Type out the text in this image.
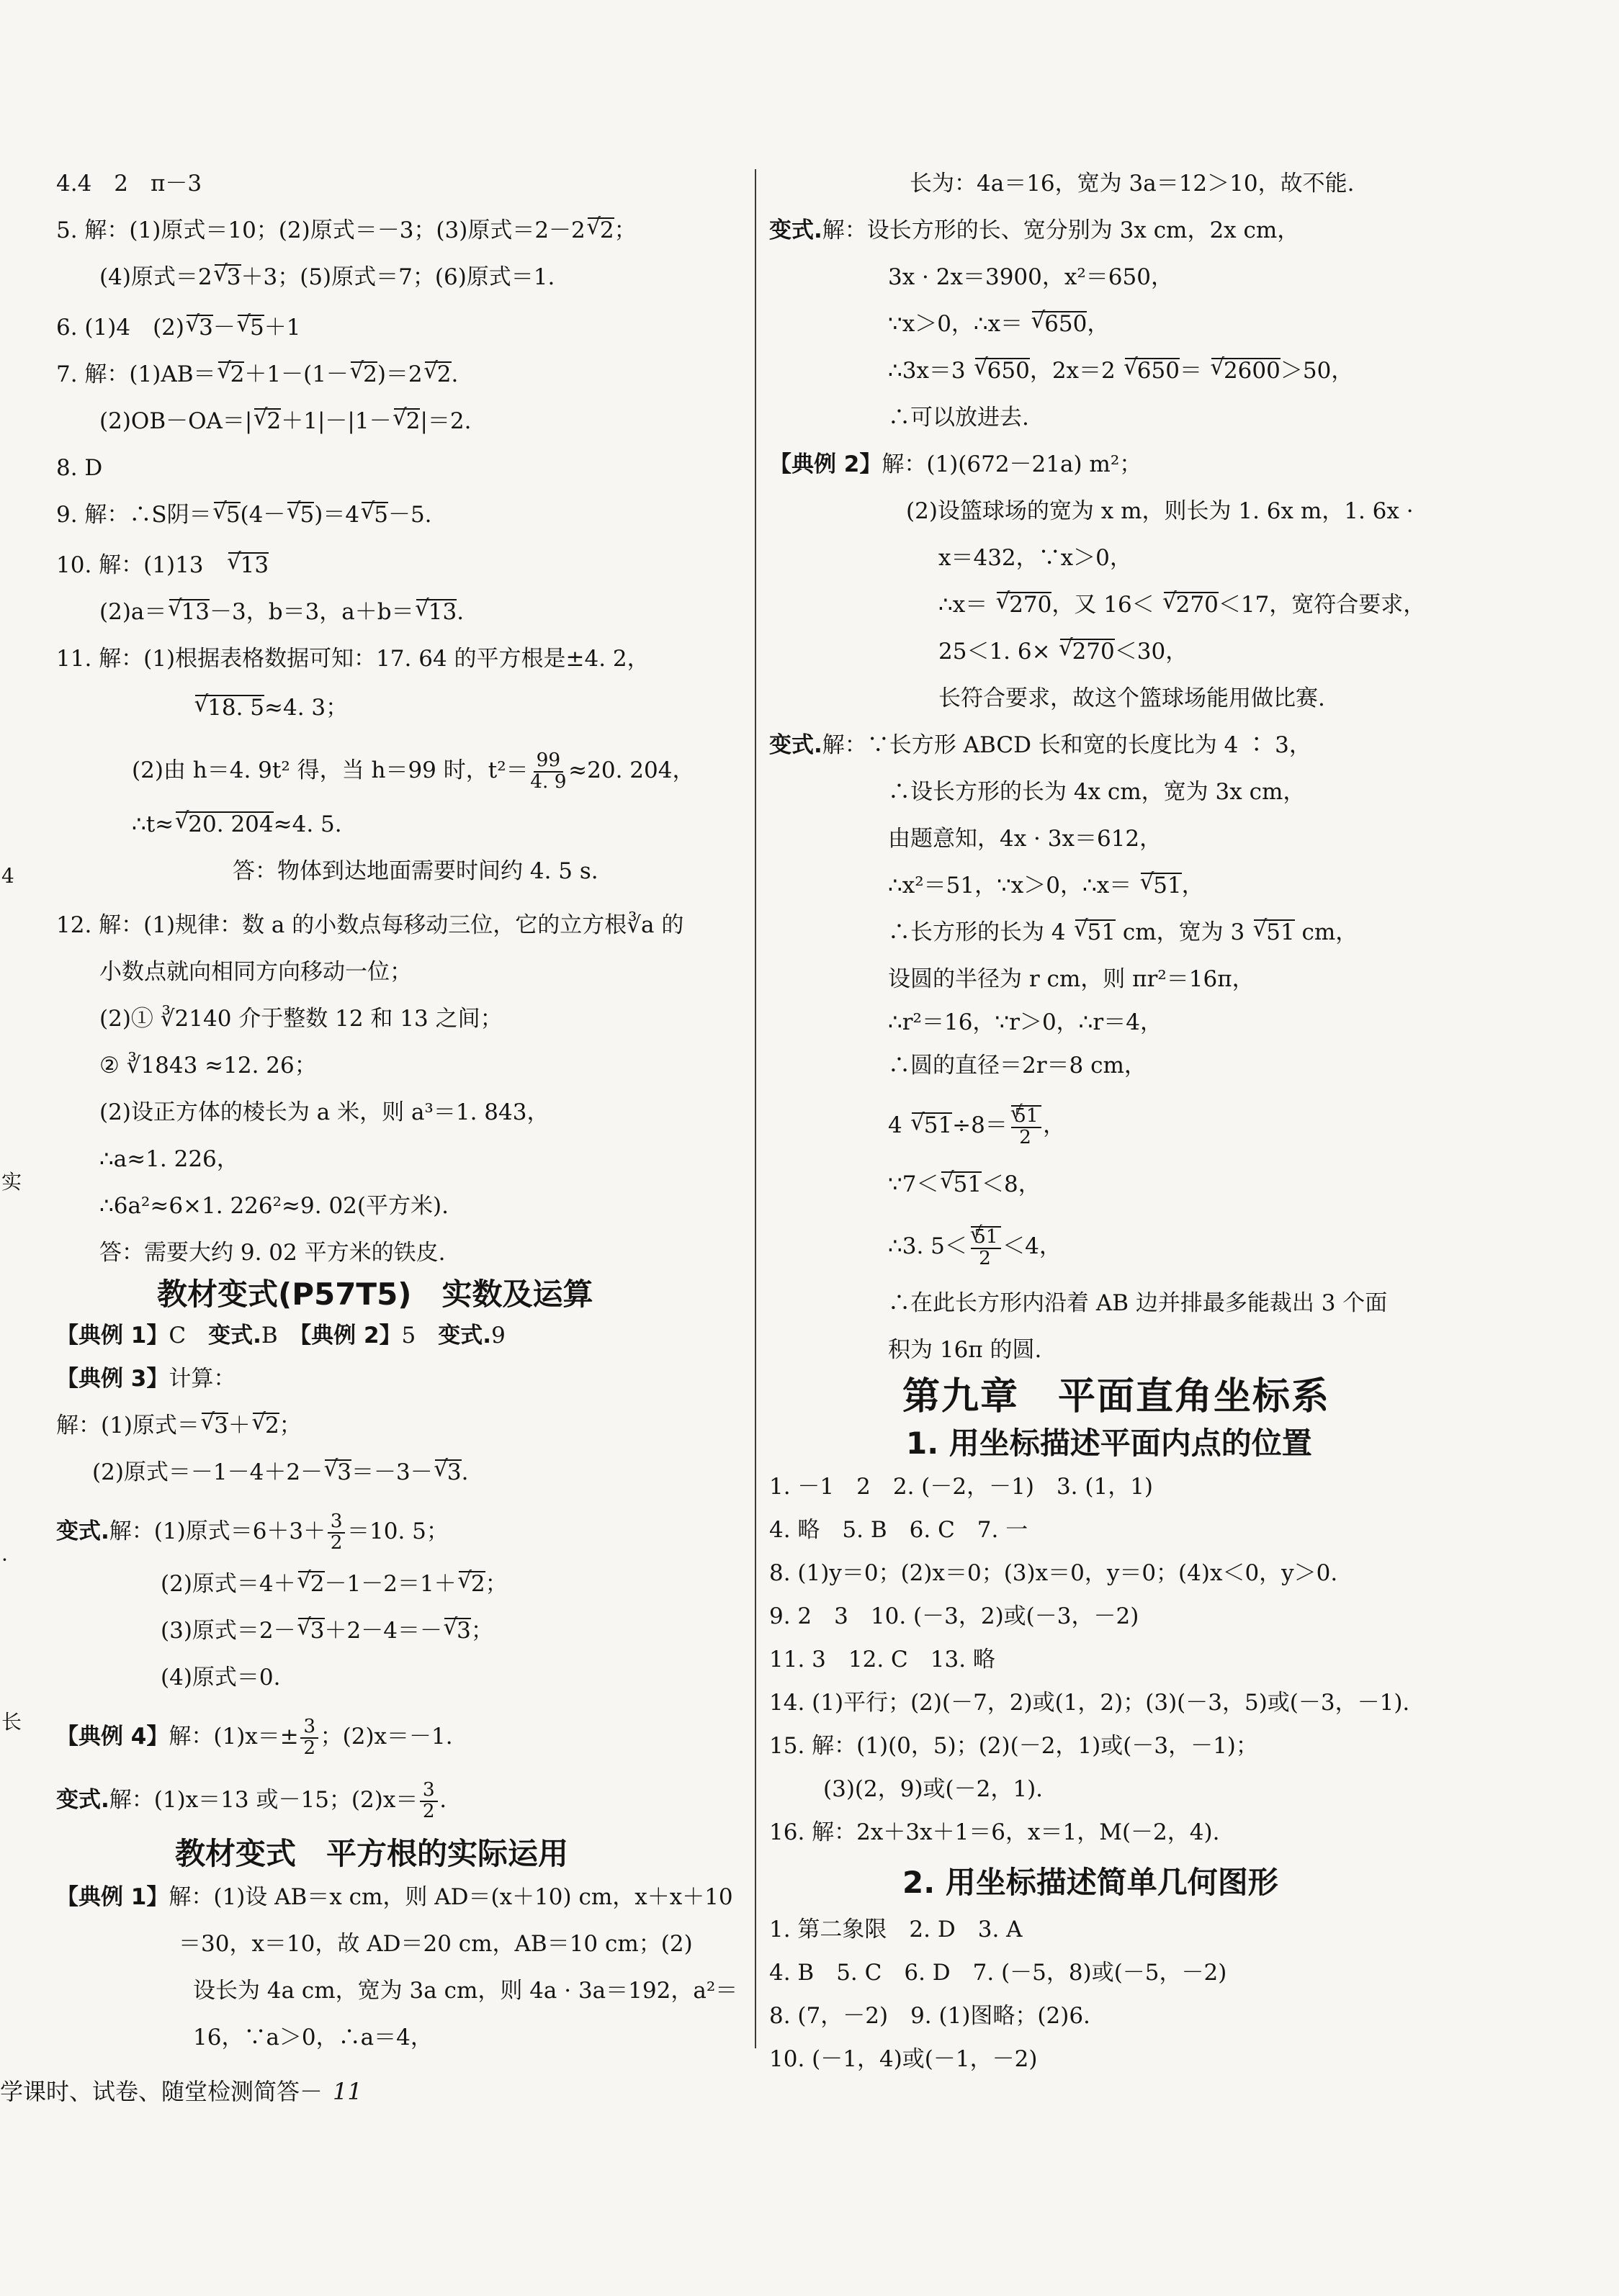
4
实
·
长
4.4　2　π－3
5. 解：(1)原式＝10；(2)原式＝－3；(3)原式＝2－2 √ 2；
(4)原式＝2 √ 3＋3；(5)原式＝7；(6)原式＝1.
6. (1)4　(2) √ 3－ √ 5＋1
7. 解：(1)AB＝ √ 2＋1－(1－ √ 2)＝2 √ 2.
(2)OB－OA＝| √ 2＋1|－|1－ √ 2|＝2.
8. D
9. 解：∴S阴＝ √ 5(4－ √ 5)＝4 √ 5－5.
10. 解：(1)13　√ 13
(2)a＝ √ 13－3，b＝3，a＋b＝ √ 13.
11. 解：(1)根据表格数据可知：17. 64 的平方根是±4. 2，
√ 18. 5≈4. 3；
(2)由 h＝4. 9t² 得，当 h＝99 时，$t^2= \frac{99}{4. 9} \approx 20$. 204，
∴t≈ √ 20. 204≈4. 5.
答：物体到达地面需要时间约 4. 5 s.
12. 解：(1)规律：数 a 的小数点每移动三位，它的立方根∛a 的
小数点就向相同方向移动一位；
(2)① ∛2140 介于整数 12 和 13 之间；
② ∛1843 ≈12. 26；
(2)设正方体的棱长为 a 米，则 a³＝1. 843，
∴a≈1. 226，
∴6a²≈6×1. 226²≈9. 02(平方米).
答：需要大约 9. 02 平方米的铁皮.
教材变式(P57T5)　实数及运算
【典例 1】C　变式.B　【典例 2】5　变式.9
【典例 3】计算：
解：(1)原式＝ √ 3＋ √ 2；
(2)原式＝－1－4＋2－ √ 3＝－3－ √ 3.
变式.解：(1)原式$=6+3+ \frac{3}{2} =10$. 5；
(2)原式＝4＋ √ 2－1－2＝1＋ √ 2；
(3)原式＝2－ √ 3＋2－4＝－ √ 3；
(4)原式＝0.
【典例 4】解：$(1)x=\pm \frac{3}{2}$ ；(2)x＝－1.
变式.解：(1)x＝13 或－15；$(2)x= \frac{3}{2}$ .
教材变式　平方根的实际运用
【典例 1】解：(1)设 AB＝x cm，则 AD＝(x＋10) cm，x＋x＋10
＝30，x＝10，故 AD＝20 cm，AB＝10 cm；(2)
设长为 4a cm，宽为 3a cm，则 4a · 3a＝192，a²＝
16，∵a＞0，∴a＝4，
长为：4a＝16，宽为 3a＝12＞10，故不能.
变式.解：设长方形的长、宽分别为 3x cm，2x cm，
3x · 2x＝3900，x²＝650，
∵x＞0，∴x＝ √ 650，
∴3x＝3 √ 650，2x＝2 √ 650＝ √ 2600＞50，
∴可以放进去.
【典例 2】解：(1)(672－21a) m²；
(2)设篮球场的宽为 x m，则长为 1. 6x m，1. 6x ·
x＝432，∵x＞0，
∴x＝ √ 270，又 16＜ √ 270＜17，宽符合要求，
25＜1. 6× √ 270＜30，
长符合要求，故这个篮球场能用做比赛.
变式.解：∵长方形 ABCD 长和宽的长度比为 4 ∶ 3，
∴设长方形的长为 4x cm，宽为 3x cm，
由题意知，4x · 3x＝612，
∴x²＝51，∵x＞0，∴x＝ √ 51，
∴长方形的长为 4 √ 51 cm，宽为 3 √ 51 cm，
设圆的半径为 r cm，则 πr²＝16π，
∴r²＝16，∵r＞0，∴r＝4，
∴圆的直径＝2r＝8 cm，
4 √ 51÷8＝ √ $\frac{51}{2}$ ，
∵7＜ √ 51＜8，
∴3. 5＜ √ $\frac{51}{2} <4$，
∴在此长方形内沿着 AB 边并排最多能裁出 3 个面
积为 16π 的圆.
第九章　平面直角坐标系
1. 用坐标描述平面内点的位置
1. －1　2　2. (－2，－1)　3. (1，1)
4. 略　5. B　6. C　7. 一
8. (1)y＝0；(2)x＝0；(3)x＝0，y＝0；(4)x＜0，y＞0.
9. 2　3　10. (－3，2)或(－3，－2)
11. 3　12. C　13. 略
14. (1)平行；(2)(－7，2)或(1，2)；(3)(－3，5)或(－3，－1).
15. 解：(1)(0，5)；(2)(－2，1)或(－3，－1)；
(3)(2，9)或(－2，1).
16. 解：2x＋3x＋1＝6，x＝1，M(－2，4).
2. 用坐标描述简单几何图形
1. 第二象限　2. D　3. A
4. B　5. C　6. D　7. (－5，8)或(－5，－2)
8. (7，－2)　9. (1)图略；(2)6.
10. (－1，4)或(－1，－2)
学课时、试卷、随堂检测简答－ 11
